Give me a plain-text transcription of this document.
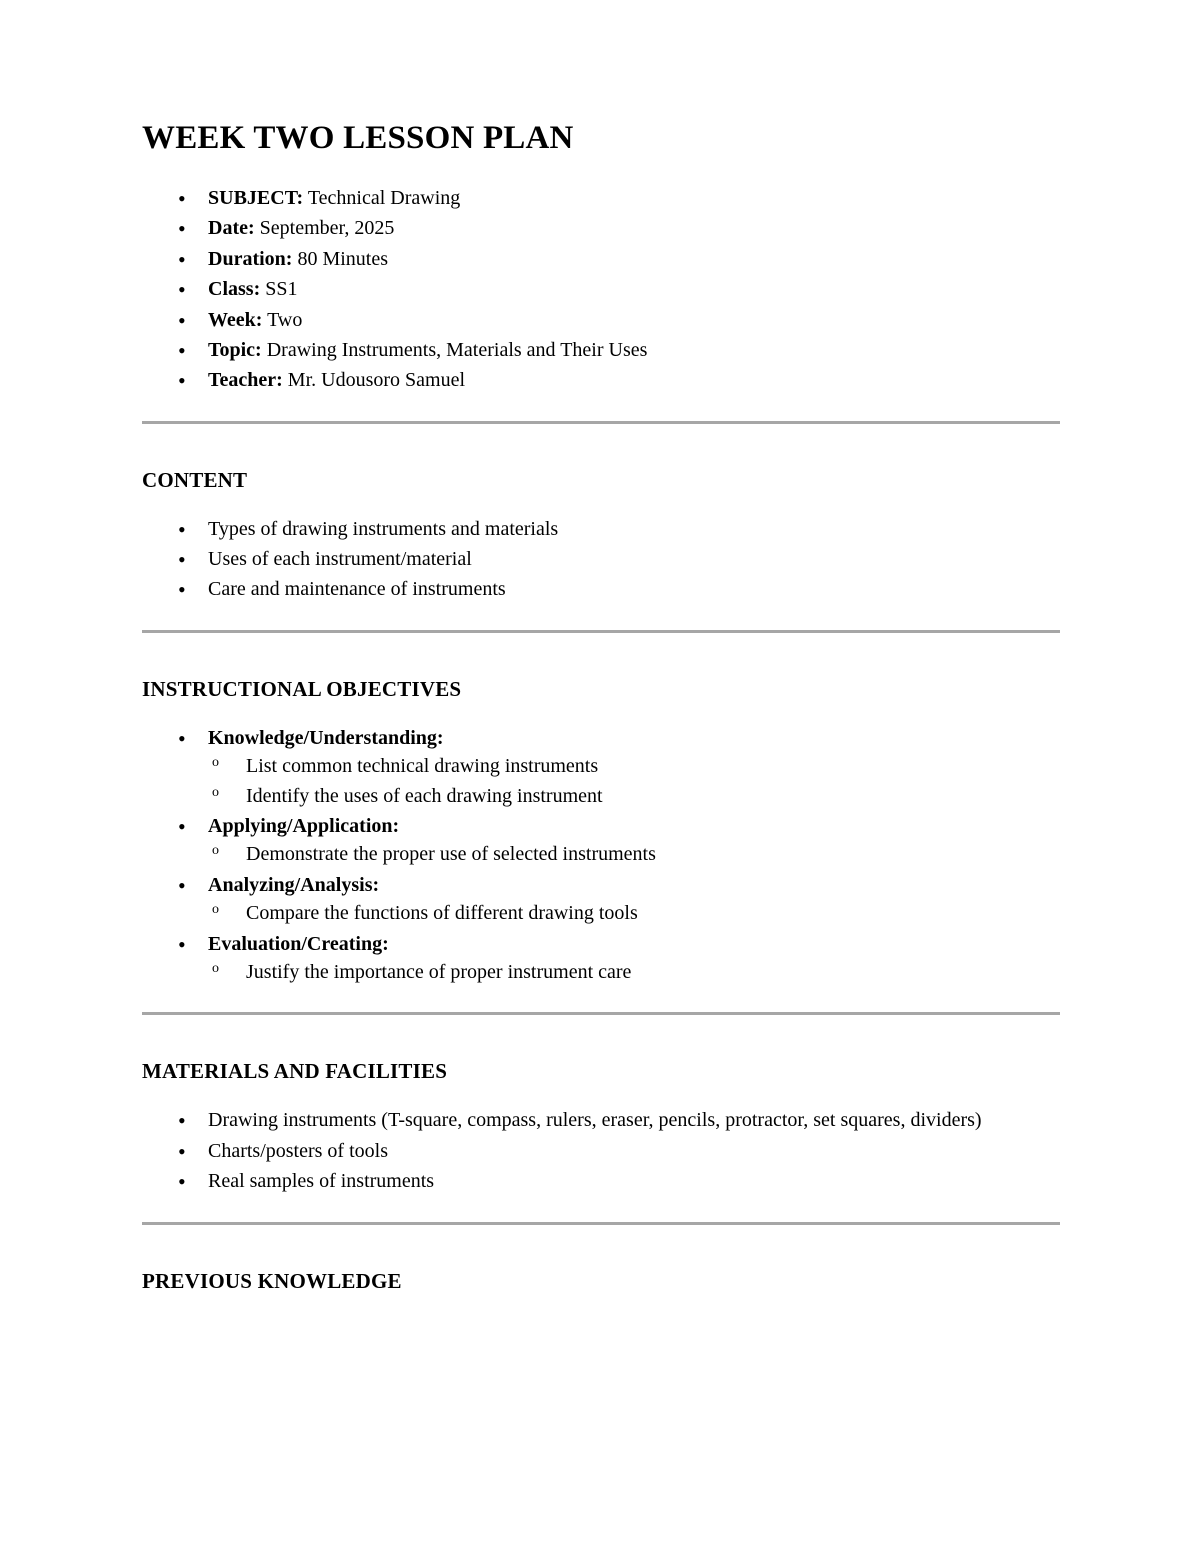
WEEK TWO LESSON PLAN
• SUBJECT: Technical Drawing
• Date: September, 2025
• Duration: 80 Minutes
• Class: SS1
• Week: Two
• Topic: Drawing Instruments, Materials and Their Uses
• Teacher: Mr. Udousoro Samuel
CONTENT
• Types of drawing instruments and materials
• Uses of each instrument/material
• Care and maintenance of instruments
INSTRUCTIONAL OBJECTIVES
• Knowledge/Understanding:
o List common technical drawing instruments
o Identify the uses of each drawing instrument
• Applying/Application:
o Demonstrate the proper use of selected instruments
• Analyzing/Analysis:
o Compare the functions of different drawing tools
• Evaluation/Creating:
o Justify the importance of proper instrument care
MATERIALS AND FACILITIES
• Drawing instruments (T-square, compass, rulers, eraser, pencils, protractor, set squares, dividers)
• Charts/posters of tools
• Real samples of instruments
PREVIOUS KNOWLEDGE
